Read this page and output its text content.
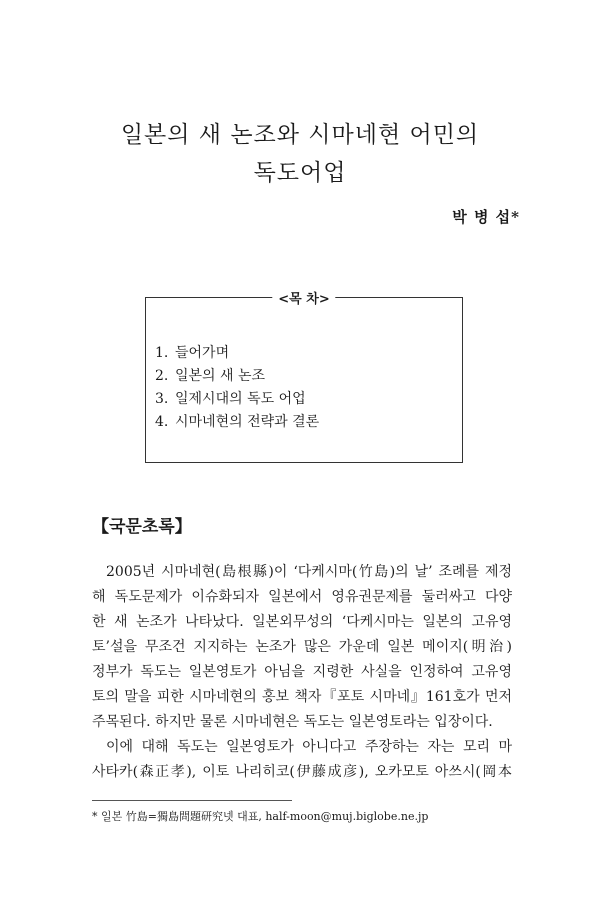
일본의 새 논조와 시마네현 어민의
독도어업
박 병 섭*
<목 차>
1. 들어가며
2. 일본의 새 논조
3. 일제시대의 독도 어업
4. 시마네현의 전략과 결론
【국문초록】
2005년 시마네현(島根縣)이 ‘다케시마(竹島)의 날’ 조례를 제정
해 독도문제가 이슈화되자 일본에서 영유권문제를 둘러싸고 다양
한 새 논조가 나타났다. 일본외무성의 ‘다케시마는 일본의 고유영
토’설을 무조건 지지하는 논조가 많은 가운데 일본 메이지(明治)
정부가 독도는 일본영토가 아님을 지령한 사실을 인정하여 고유영
토의 말을 피한 시마네현의 홍보 책자『포토 시마네』161호가 먼저
주목된다. 하지만 물론 시마네현은 독도는 일본영토라는 입장이다.
이에 대해 독도는 일본영토가 아니다고 주장하는 자는 모리 마
사타카(森正孝), 이토 나리히코(伊藤成彦), 오카모토 아쓰시(岡本
* 일본 竹島=獨島問題研究넷 대표, half-moon@muj.biglobe.ne.jp
